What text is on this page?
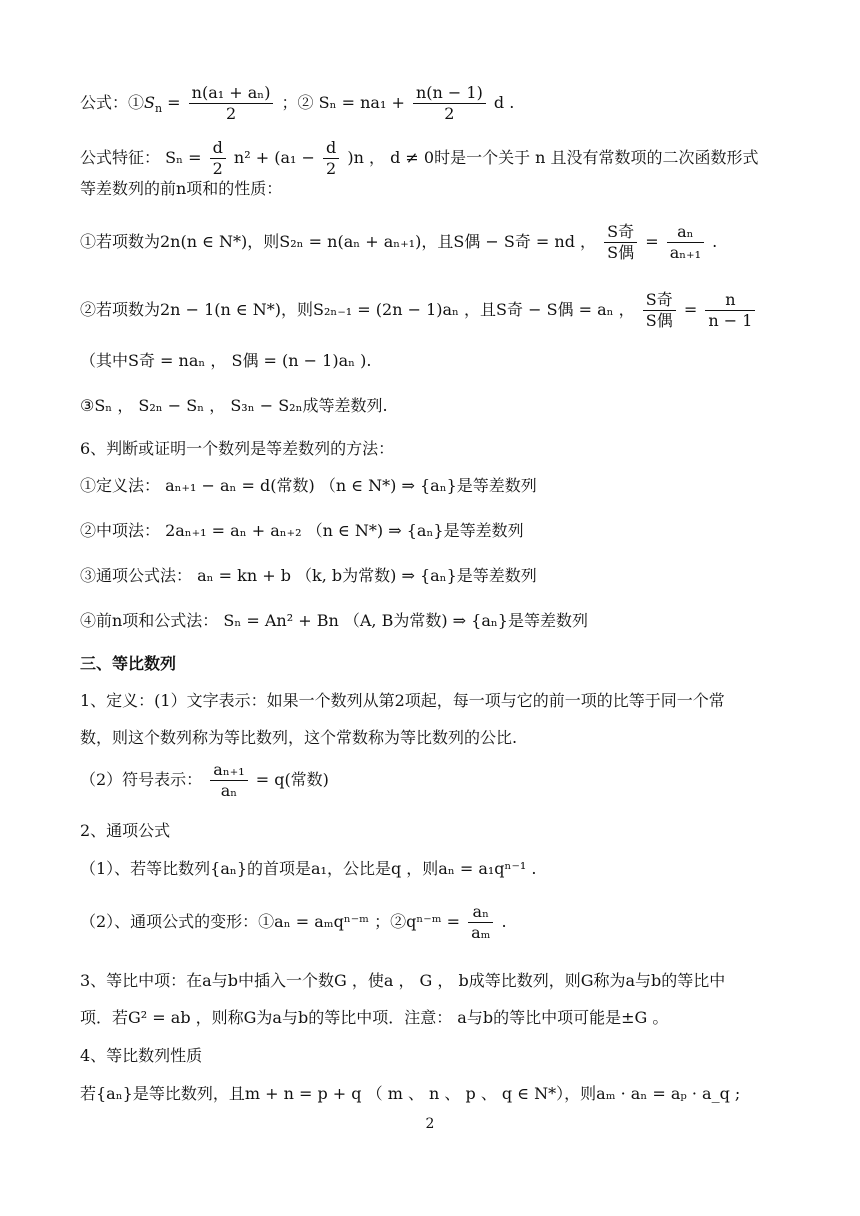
公式：$①S_n = \frac{\text{n(a₁ + aₙ)}}{2}$ ；② $S_n = na_1 + \frac{n(n - 1)}{2}$ d .
公式特征： $S_n = \frac{d}{2} n^2 + (a_1 - \frac{d}{2} )n$ ， d ≠ 0时是一个关于 n 且没有常数项的二次函数形式
等差数列的前n项和的性质：
①若项数为2n(n ∈ N*)，则S₂ₙ = n(aₙ + aₙ₊₁)，且S偶 − S奇 = nd ， $\frac{\text{S奇}}{\text{S偶}} = \frac{\text{aₙ}}{\text{aₙ₊₁}}$ .
②若项数为2n − 1(n ∈ N*)，则S₂ₙ₋₁ = (2n − 1)aₙ ，且S奇 − S偶 = aₙ ， $\frac{\text{S奇}}{\text{S偶}} = \frac{n}{n - 1}$
（其中S奇 = naₙ ， S偶 = (n − 1)aₙ ).
③Sₙ ， S₂ₙ − Sₙ ， S₃ₙ − S₂ₙ成等差数列.
6、判断或证明一个数列是等差数列的方法：
①定义法： aₙ₊₁ − aₙ = d(常数) （n ∈ N*) ⇒ {aₙ}是等差数列
②中项法： 2aₙ₊₁ = aₙ + aₙ₊₂ （n ∈ N*) ⇒ {aₙ}是等差数列
③通项公式法： aₙ = kn + b （k, b为常数) ⇒ {aₙ}是等差数列
④前n项和公式法： Sₙ = An² + Bn （A, B为常数) ⇒ {aₙ}是等差数列
三、等比数列
1、定义：(1）文字表示：如果一个数列从第2项起，每一项与它的前一项的比等于同一个常
数，则这个数列称为等比数列，这个常数称为等比数列的公比.
（2）符号表示： $\frac{\text{aₙ₊₁}}{\text{aₙ}} = q$(常数)
2、通项公式
（1）、若等比数列{aₙ}的首项是a₁，公比是q ，则aₙ = a₁qⁿ⁻¹ .
（2）、通项公式的变形：①aₙ = aₘqⁿ⁻ᵐ ；②qⁿ⁻ᵐ = $\frac{\text{aₙ}}{\text{aₘ}}$ .
3、等比中项：在a与b中插入一个数G ，使a ， G ， b成等比数列，则G称为a与b的等比中
项．若G² = ab ，则称G为a与b的等比中项．注意： a与b的等比中项可能是±G 。
4、等比数列性质
若{aₙ}是等比数列，且m + n = p + q （ m 、 n 、 p 、 q ∈ N*），则aₘ · aₙ = aₚ · a_q ;
2
